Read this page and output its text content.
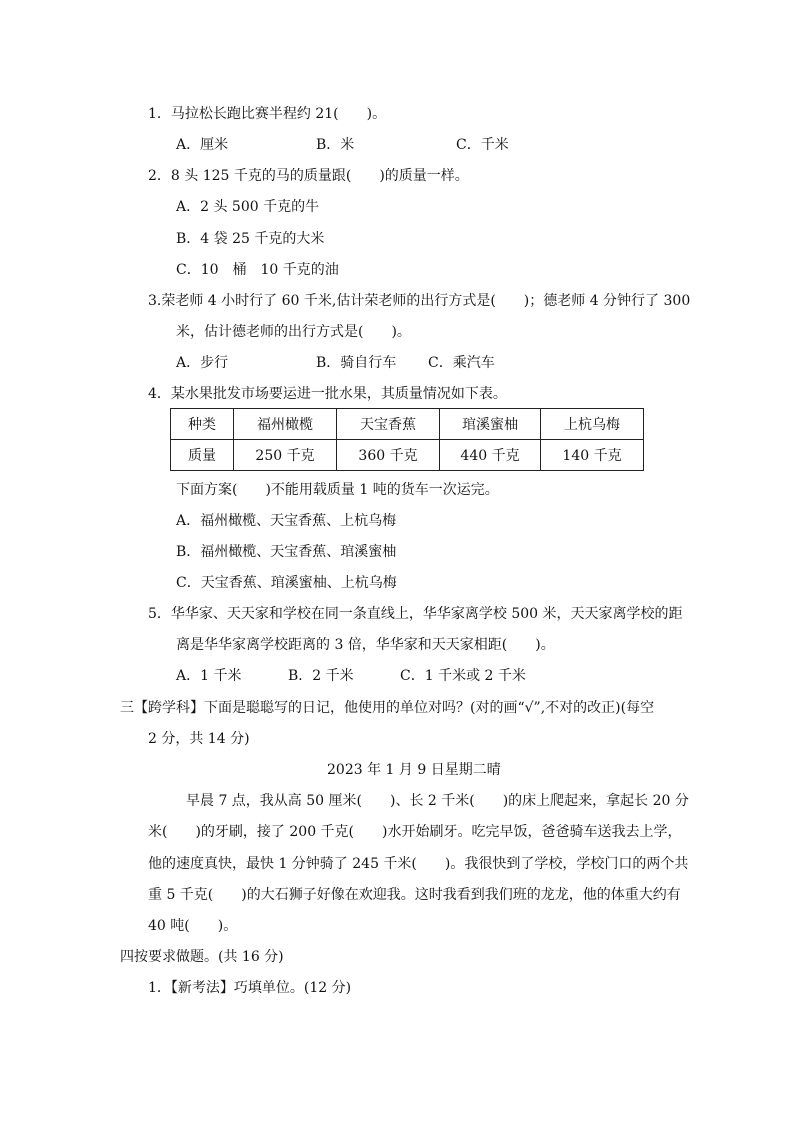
1．马拉松长跑比赛半程约 21(　　)。
A．厘米	B．米	C．千米
2．8 头 125 千克的马的质量跟(　　)的质量一样。
A．2 头 500 千克的牛
B．4 袋 25 千克的大米
C．10　桶　10 千克的油
3.荣老师 4 小时行了 60 千米,估计荣老师的出行方式是(　　)；德老师 4 分钟行了 300
米，估计德老师的出行方式是(　　)。
A．步行	B．骑自行车 C．乘汽车
4．某水果批发市场要运进一批水果，其质量情况如下表。
种类	福州橄榄	天宝香蕉	琯溪蜜柚	上杭乌梅
质量	250 千克	360 千克	440 千克	140 千克
下面方案(　　)不能用载质量 1 吨的货车一次运完。
A．福州橄榄、天宝香蕉、上杭乌梅
B．福州橄榄、天宝香蕉、琯溪蜜柚
C．天宝香蕉、琯溪蜜柚、上杭乌梅
5．华华家、天天家和学校在同一条直线上，华华家离学校 500 米，天天家离学校的距
离是华华家离学校距离的 3 倍，华华家和天天家相距(　　)。
A．1 千米	B．2 千米	C．1 千米或 2 千米
三【跨学科】下面是聪聪写的日记，他使用的单位对吗？(对的画“√”,不对的改正)(每空
2 分，共 14 分)
2023 年 1 月 9 日星期二晴
早晨 7 点，我从高 50 厘米(　　)、长 2 千米(　　)的床上爬起来，拿起长 20 分
米(　　)的牙刷，接了 200 千克(　　)水开始刷牙。吃完早饭，爸爸骑车送我去上学，
他的速度真快，最快 1 分钟骑了 245 千米(　　)。我很快到了学校，学校门口的两个共
重 5 千克(　　)的大石狮子好像在欢迎我。这时我看到我们班的龙龙，他的体重大约有
40 吨(　　)。
四按要求做题。(共 16 分)
1．【新考法】巧填单位。(12 分)
